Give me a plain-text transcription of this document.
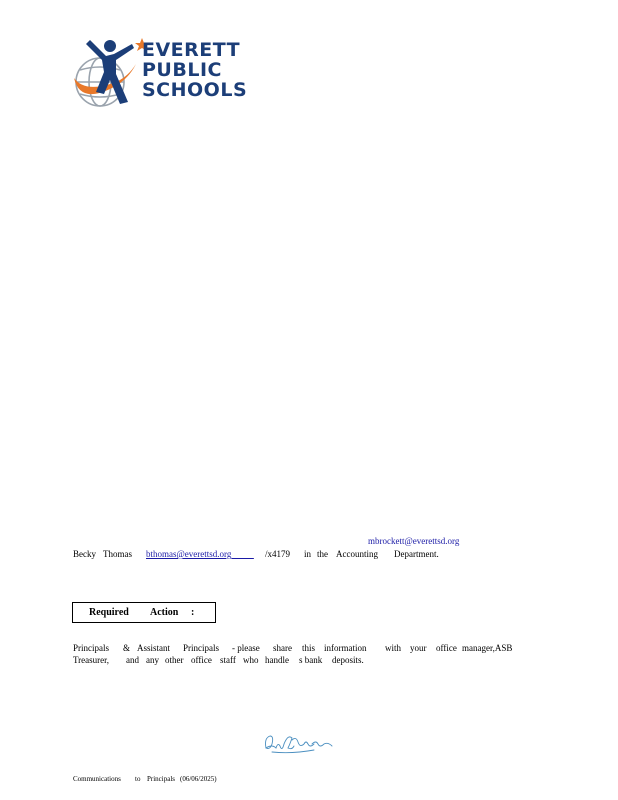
EVERETT
PUBLIC
SCHOOLS
mbrockett@everettsd.org
Becky Thomas bthomas@everettsd.org	/x4179 in the Accounting Department.
Required Action :
Principals & Assistant Principals - please share this information with your office manager,ASB
Treasurer, and any other office staff who handle s bank deposits.
Communications to Principals (06/06/2025)
